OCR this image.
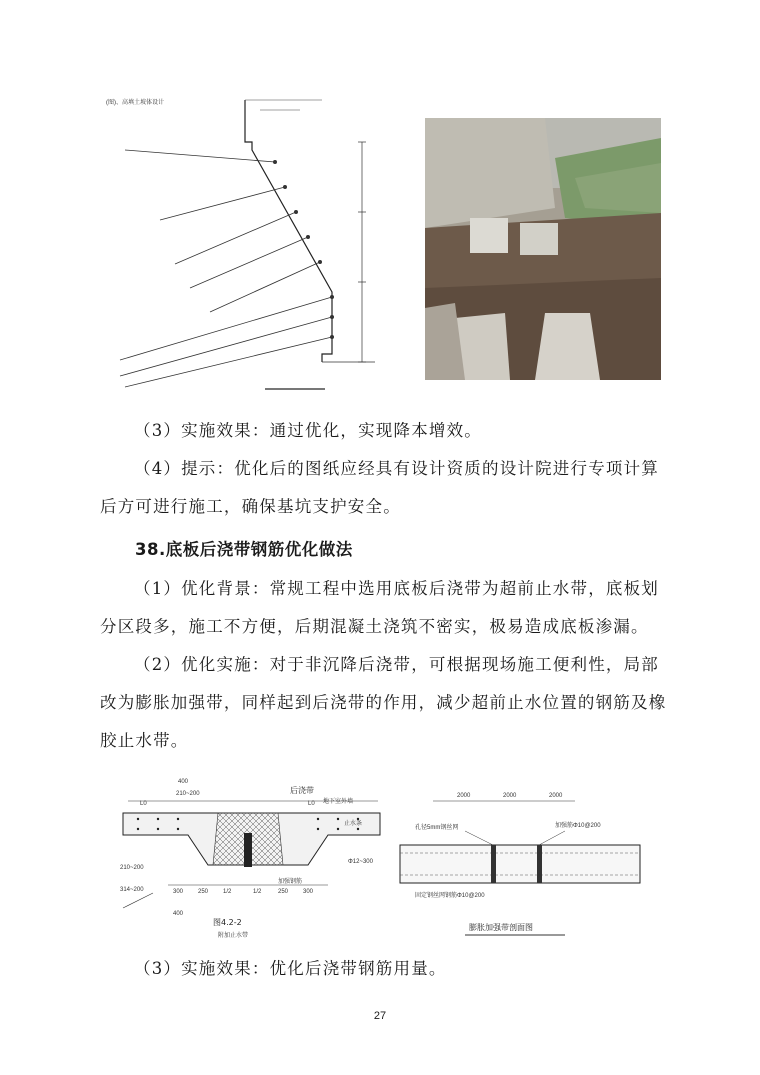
(图)、高填土坡体设计

（3）实施效果：通过优化，实现降本增效。

（4）提示：优化后的图纸应经具有设计资质的设计院进行专项计算

后方可进行施工，确保基坑支护安全。

38.底板后浇带钢筋优化做法

（1）优化背景：常规工程中选用底板后浇带为超前止水带，底板划

分区段多，施工不方便，后期混凝土浇筑不密实，极易造成底板渗漏。

（2）优化实施：对于非沉降后浇带，可根据现场施工便利性，局部

改为膨胀加强带，同样起到后浇带的作用，减少超前止水位置的钢筋及橡

胶止水带。

400
210~200
L0	L0
后浇带
地下室外墙
止水条
Φ12~300
加强钢筋
210~200
314~200
400
300 250 1/2	1/2	250 300
图4.2-2
附加止水带
2000	2000	2000
孔径5mm钢丝网	加强筋Φ10@200
固定钢丝网钢筋Φ10@200
膨胀加强带剖面图

（3）实施效果：优化后浇带钢筋用量。

27
